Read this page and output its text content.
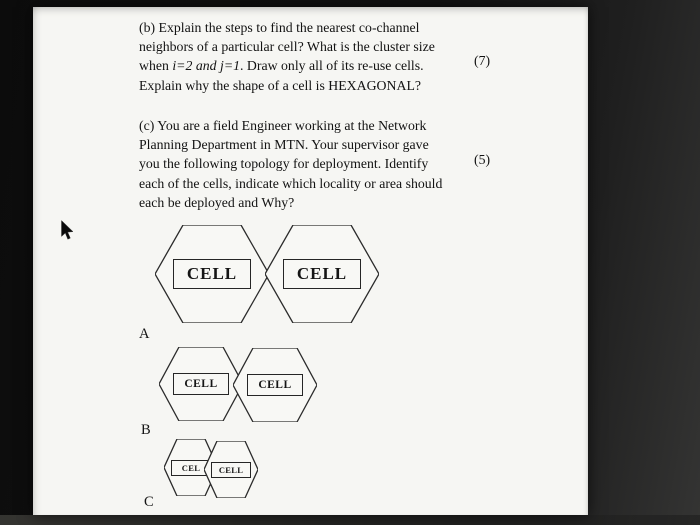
(b) Explain the steps to find the nearest co-channel
neighbors of a particular cell? What is the cluster size
when i=2 and j=1. Draw only all of its re-use cells.
Explain why the shape of a cell is HEXAGONAL?
(7)
(c) You are a field Engineer working at the Network
Planning Department in MTN. Your supervisor gave
you the following topology for deployment. Identify
each of the cells, indicate which locality or area should
each be deployed and Why?
(5)
CELL	CELL
A
CELL	CELL
B
CEL CELL
C
